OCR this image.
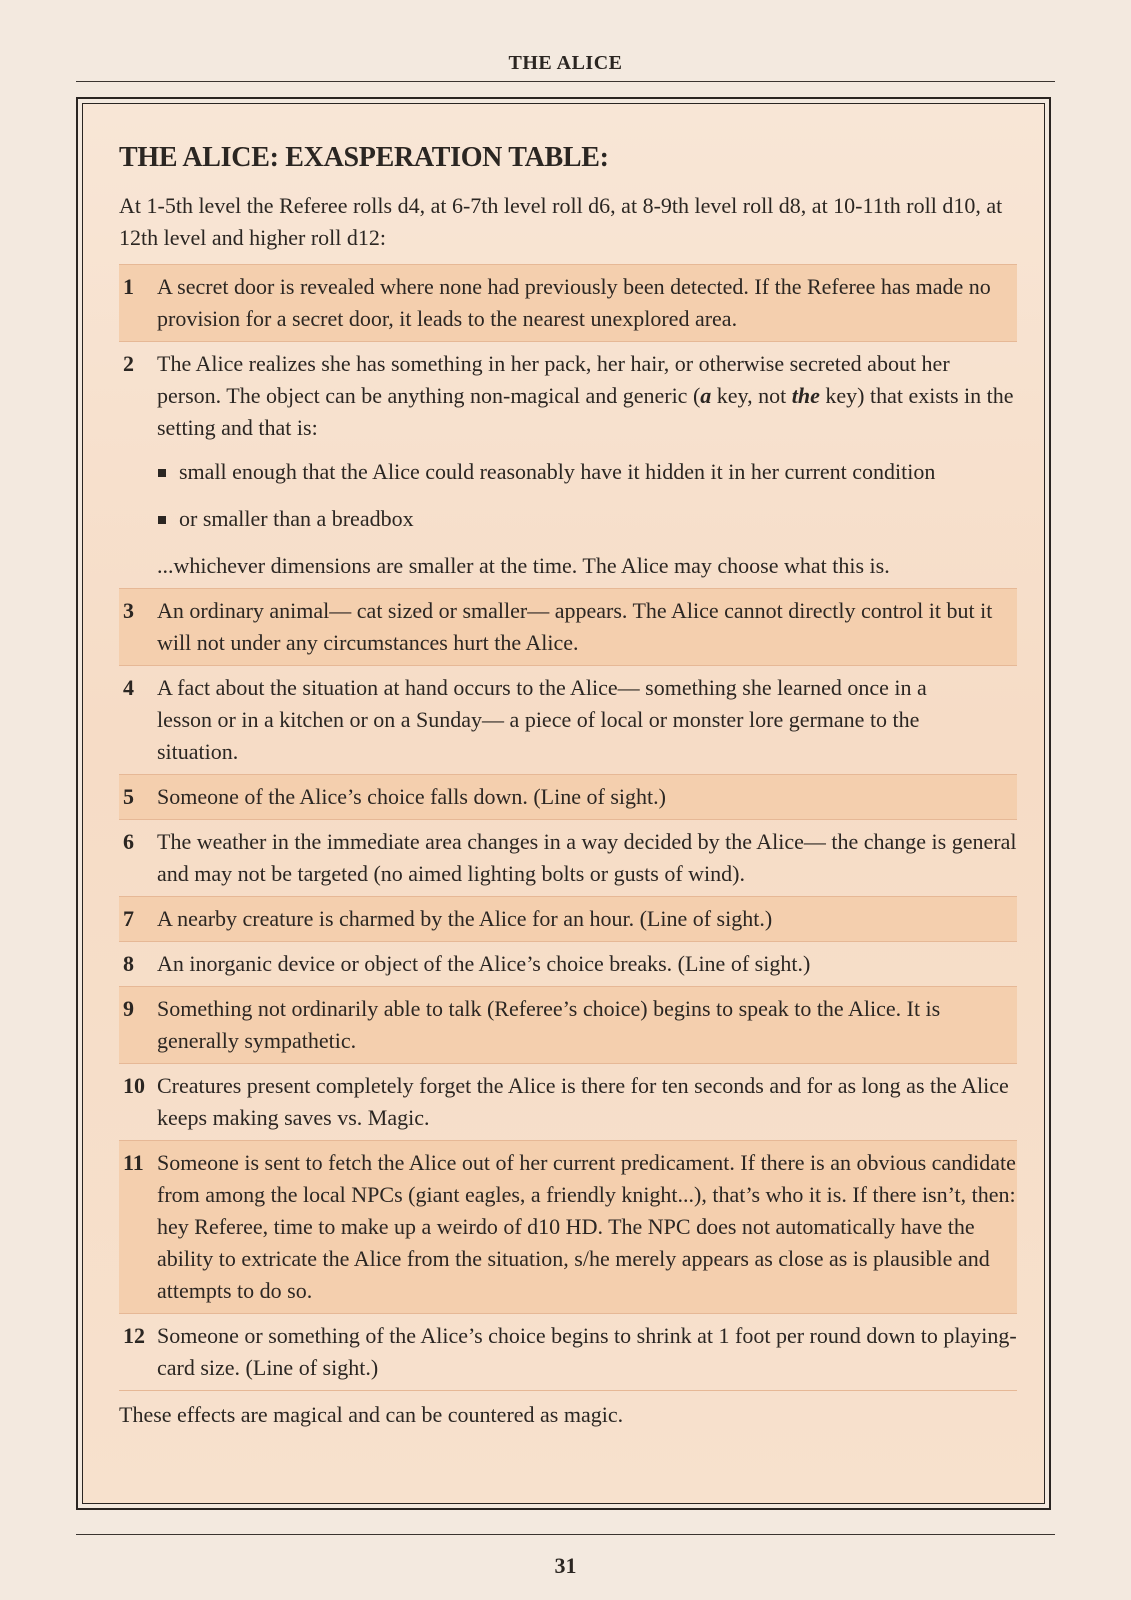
THE ALICE
THE ALICE: EXASPERATION TABLE:
At 1-5th level the Referee rolls d4, at 6-7th level roll d6, at 8-9th level roll d8, at 10-11th roll d10, at 12th level and higher roll d12:
1	A secret door is revealed where none had previously been detected. If the Referee has made no provision for a secret door, it leads to the nearest unexplored area.
2	The Alice realizes she has something in her pack, her hair, or otherwise secreted about her person. The object can be anything non-magical and generic (a key, not the key) that exists in the setting and that is:

small enough that the Alice could reasonably have it hidden it in her current condition
or smaller than a breadbox

...whichever dimensions are smaller at the time. The Alice may choose what this is.

3	An ordinary animal— cat sized or smaller— appears. The Alice cannot directly control it but it will not under any circumstances hurt the Alice.
4	A fact about the situation at hand occurs to the Alice— something she learned once in a lesson or in a kitchen or on a Sunday— a piece of local or monster lore germane to the situation.
5	Someone of the Alice’s choice falls down. (Line of sight.)
6	The weather in the immediate area changes in a way decided by the Alice— the change is general and may not be targeted (no aimed lighting bolts or gusts of wind).
7	A nearby creature is charmed by the Alice for an hour. (Line of sight.)
8	An inorganic device or object of the Alice’s choice breaks. (Line of sight.)
9	Something not ordinarily able to talk (Referee’s choice) begins to speak to the Alice. It is generally sympathetic.
10 Creatures present completely forget the Alice is there for ten seconds and for as long as the Alice keeps making saves vs. Magic.
11 Someone is sent to fetch the Alice out of her current predicament. If there is an obvious candidate from among the local NPCs (giant eagles, a friendly knight...), that’s who it is. If there isn’t, then: hey Referee, time to make up a weirdo of d10 HD. The NPC does not automatically have the ability to extricate the Alice from the situation, s/he merely appears as close as is plausible and attempts to do so.
12 Someone or something of the Alice’s choice begins to shrink at 1 foot per round down to playing-card size. (Line of sight.)
These effects are magical and can be countered as magic.
31
